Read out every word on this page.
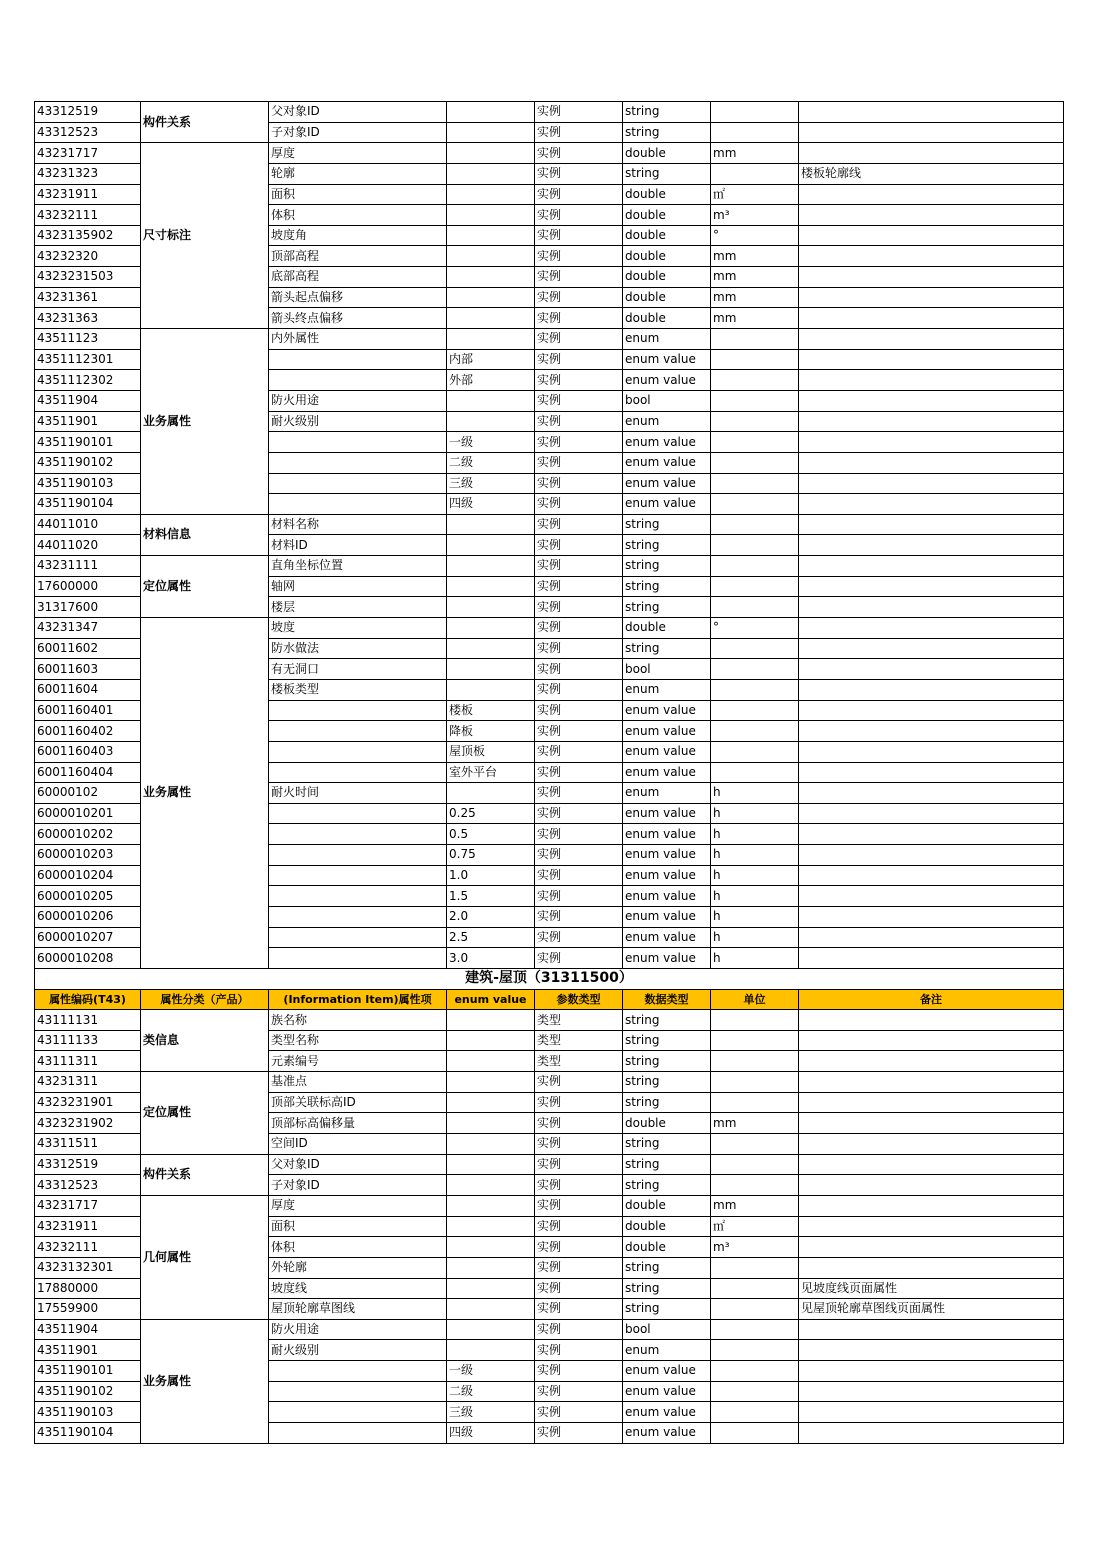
43312519	构件关系	父对象ID		实例	string		
43312523		子对象ID		实例	string		
43231717	尺寸标注	厚度		实例	double	mm	
43231323		轮廓		实例	string		楼板轮廓线
43231911		面积		实例	double	㎡	
43232111		体积		实例	double	m³	
4323135902		坡度角		实例	double	°	
43232320		顶部高程		实例	double	mm	
4323231503		底部高程		实例	double	mm	
43231361		箭头起点偏移		实例	double	mm	
43231363		箭头终点偏移		实例	double	mm	
43511123	业务属性	内外属性		实例	enum		
4351112301			内部	实例	enum value		
4351112302			外部	实例	enum value		
43511904		防火用途		实例	bool		
43511901		耐火级别		实例	enum		
4351190101			一级	实例	enum value		
4351190102			二级	实例	enum value		
4351190103			三级	实例	enum value		
4351190104			四级	实例	enum value		
44011010	材料信息	材料名称		实例	string		
44011020		材料ID		实例	string		
43231111	定位属性	直角坐标位置		实例	string		
17600000		轴网		实例	string		
31317600		楼层		实例	string		
43231347	业务属性	坡度		实例	double	°	
60011602		防水做法		实例	string		
60011603		有无洞口		实例	bool		
60011604		楼板类型		实例	enum		
6001160401			楼板	实例	enum value		
6001160402			降板	实例	enum value		
6001160403			屋顶板	实例	enum value		
6001160404			室外平台	实例	enum value		
60000102		耐火时间		实例	enum	h	
6000010201			0.25	实例	enum value	h	
6000010202			0.5	实例	enum value	h	
6000010203			0.75	实例	enum value	h	
6000010204			1.0	实例	enum value	h	
6000010205			1.5	实例	enum value	h	
6000010206			2.0	实例	enum value	h	
6000010207			2.5	实例	enum value	h	
6000010208			3.0	实例	enum value	h	
建筑-屋顶（31311500）							
属性编码(T43)	属性分类（产品）	(Information Item)属性项	enum value	参数类型	数据类型	单位	备注
43111131	类信息	族名称		类型	string		
43111133		类型名称		类型	string		
43111311		元素编号		类型	string		
43231311	定位属性	基准点		实例	string		
4323231901		顶部关联标高ID		实例	string		
4323231902		顶部标高偏移量		实例	double	mm	
43311511		空间ID		实例	string		
43312519	构件关系	父对象ID		实例	string		
43312523		子对象ID		实例	string		
43231717	几何属性	厚度		实例	double	mm	
43231911		面积		实例	double	㎡	
43232111		体积		实例	double	m³	
4323132301		外轮廓		实例	string		
17880000		坡度线		实例	string		见坡度线页面属性
17559900		屋顶轮廓草图线		实例	string		见屋顶轮廓草图线页面属性
43511904	业务属性	防火用途		实例	bool		
43511901		耐火级别		实例	enum		
4351190101			一级	实例	enum value		
4351190102			二级	实例	enum value		
4351190103			三级	实例	enum value		
4351190104			四级	实例	enum value		
